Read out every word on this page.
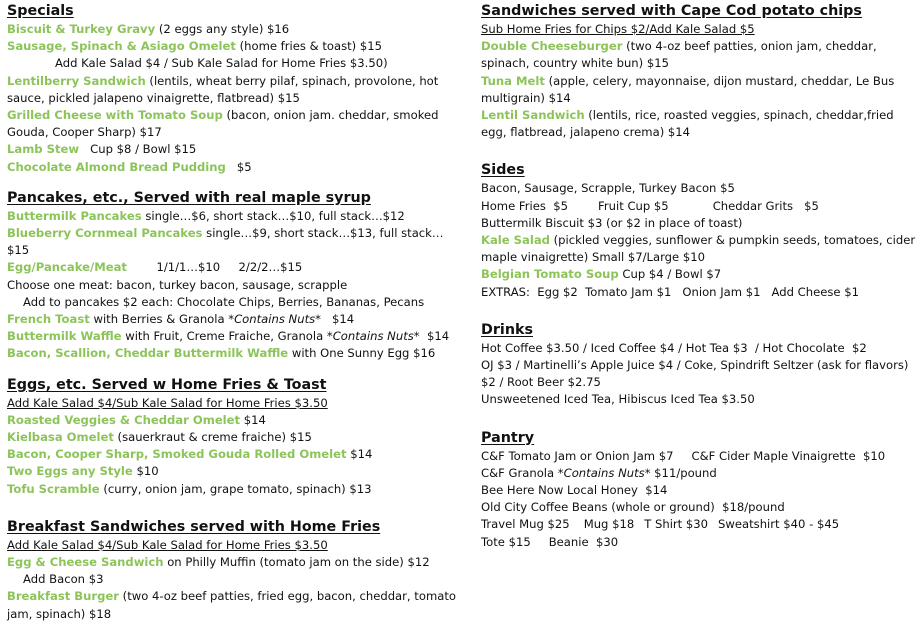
Specials
Biscuit & Turkey Gravy (2 eggs any style) $16
Sausage, Spinach & Asiago Omelet (home fries & toast) $15
Add Kale Salad $4 / Sub Kale Salad for Home Fries $3.50)
Lentilberry Sandwich (lentils, wheat berry pilaf, spinach, provolone, hot sauce, pickled jalapeno vinaigrette, flatbread) $15
Grilled Cheese with Tomato Soup (bacon, onion jam. cheddar, smoked Gouda, Cooper Sharp) $17
Lamb Stew   Cup $8 / Bowl $15
Chocolate Almond Bread Pudding   $5
Pancakes, etc., Served with real maple syrup
Buttermilk Pancakes single…$6, short stack…$10, full stack…$12
Blueberry Cornmeal Pancakes single…$9, short stack…$13, full stack…$15
Egg/Pancake/Meat        1/1/1…$10     2/2/2…$15
Choose one meat: bacon, turkey bacon, sausage, scrapple
Add to pancakes $2 each: Chocolate Chips, Berries, Bananas, Pecans
French Toast with Berries & Granola *Contains Nuts*   $14
Buttermilk Waffle with Fruit, Creme Fraiche, Granola *Contains Nuts*  $14
Bacon, Scallion, Cheddar Buttermilk Waffle with One Sunny Egg $16
Eggs, etc. Served w Home Fries & Toast
Add Kale Salad $4/Sub Kale Salad for Home Fries $3.50
Roasted Veggies & Cheddar Omelet $14
Kielbasa Omelet (sauerkraut & creme fraiche) $15
Bacon, Cooper Sharp, Smoked Gouda Rolled Omelet $14
Two Eggs any Style $10
Tofu Scramble (curry, onion jam, grape tomato, spinach) $13
Breakfast Sandwiches served with Home Fries
Add Kale Salad $4/Sub Kale Salad for Home Fries $3.50
Egg & Cheese Sandwich on Philly Muffin (tomato jam on the side) $12
Add Bacon $3
Breakfast Burger (two 4-oz beef patties, fried egg, bacon, cheddar, tomato jam, spinach) $18
Sandwiches served with Cape Cod potato chips
Sub Home Fries for Chips $2/Add Kale Salad $5
Double Cheeseburger (two 4-oz beef patties, onion jam, cheddar, spinach, country white bun) $15
Tuna Melt (apple, celery, mayonnaise, dijon mustard, cheddar, Le Bus multigrain) $14
Lentil Sandwich (lentils, rice, roasted veggies, spinach, cheddar,fried egg, flatbread, jalapeno crema) $14
Sides
Bacon, Sausage, Scrapple, Turkey Bacon $5
Home Fries  $5	Fruit Cup $5	Cheddar Grits   $5
Buttermilk Biscuit $3 (or $2 in place of toast)
Kale Salad (pickled veggies, sunflower & pumpkin seeds, tomatoes, cider maple vinaigrette) Small $7/Large $10
Belgian Tomato Soup Cup $4 / Bowl $7
EXTRAS:  Egg $2  Tomato Jam $1   Onion Jam $1   Add Cheese $1
Drinks
Hot Coffee $3.50 / Iced Coffee $4 / Hot Tea $3  / Hot Chocolate  $2
OJ $3 / Martinelli’s Apple Juice $4 / Coke, Spindrift Seltzer (ask for flavors) $2 / Root Beer $2.75
Unsweetened Iced Tea, Hibiscus Iced Tea $3.50
Pantry
C&F Tomato Jam or Onion Jam $7 C&F Cider Maple Vinaigrette  $10
C&F Granola *Contains Nuts* $11/poundBee Here Now Local Honey  $14
Old City Coffee Beans (whole or ground)  $18/pound
Travel Mug $25 Mug $18 T Shirt $30 Sweatshirt $40 - $45
Tote $15 Beanie  $30
